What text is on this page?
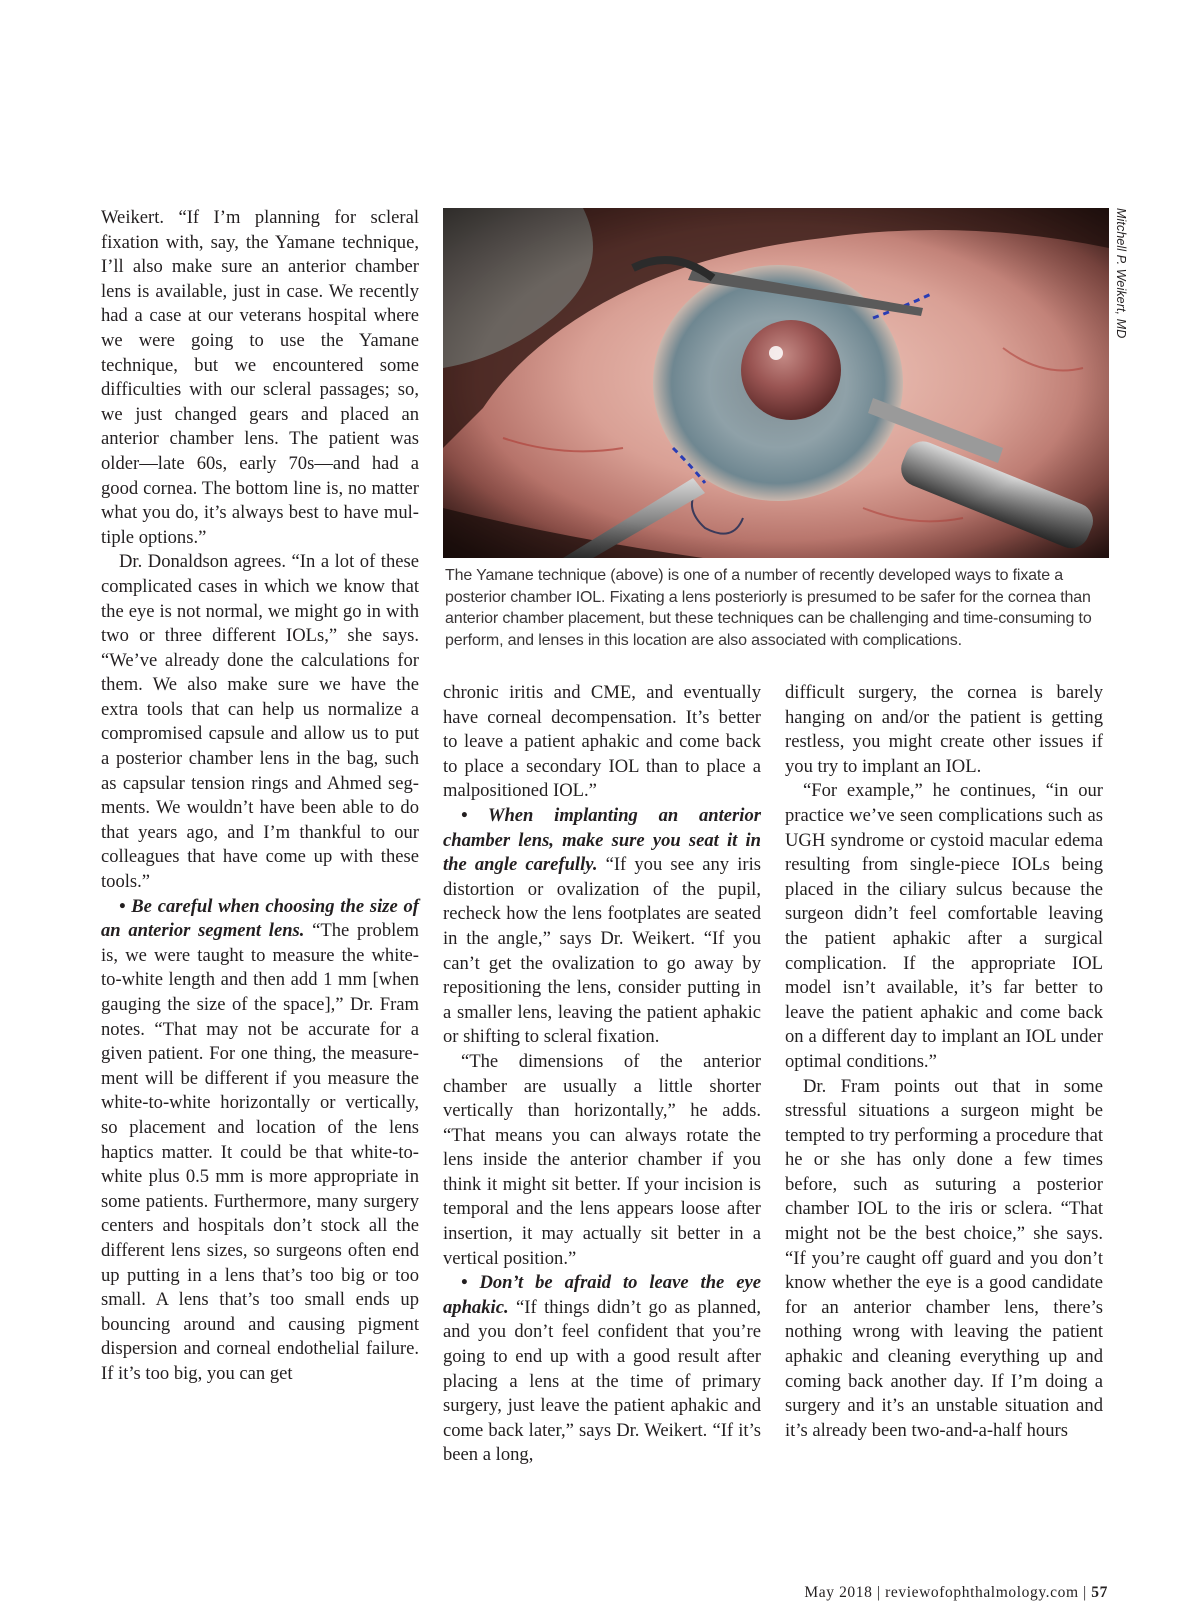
Weikert. “If I’m planning for scleral fixation with, say, the Yamane technique, I’ll also make sure an anterior chamber lens is available, just in case. We recently had a case at our veterans hospital where we were going to use the Yamane technique, but we encountered some difficulties with our scleral passages; so, we just changed gears and placed an anterior chamber lens. The patient was older—late 60s, early 70s—and had a good cornea. The bottom line is, no matter what you do, it’s always best to have multiple options.”

Dr. Donaldson agrees. “In a lot of these complicated cases in which we know that the eye is not normal, we might go in with two or three different IOLs,” she says. “We’ve already done the calculations for them. We also make sure we have the extra tools that can help us normalize a compromised capsule and allow us to put a posterior chamber lens in the bag, such as capsular tension rings and Ahmed segments. We wouldn’t have been able to do that years ago, and I’m thankful to our colleagues that have come up with these tools.”

• Be careful when choosing the size of an anterior segment lens. “The problem is, we were taught to measure the white-to-white length and then add 1 mm [when gauging the size of the space],” Dr. Fram notes. “That may not be accurate for a given patient. For one thing, the measurement will be different if you measure the white-to-white horizontally or vertically, so placement and location of the lens haptics matter. It could be that white-to-white plus 0.5 mm is more appropriate in some patients. Furthermore, many surgery centers and hospitals don’t stock all the different lens sizes, so surgeons often end up putting in a lens that’s too big or too small. A lens that’s too small ends up bouncing around and causing pigment dispersion and corneal endothelial failure. If it’s too big, you can get

Mitchell P. Weikert, MD
The Yamane technique (above) is one of a number of recently developed ways to fixate a posterior chamber IOL. Fixating a lens posteriorly is presumed to be safer for the cornea than anterior chamber placement, but these techniques can be challenging and time-consuming to perform, and lenses in this location are also associated with complications.

chronic iritis and CME, and eventually have corneal decompensation. It’s better to leave a patient aphakic and come back to place a secondary IOL than to place a malpositioned IOL.”

• When implanting an anterior chamber lens, make sure you seat it in the angle carefully. “If you see any iris distortion or ovalization of the pupil, recheck how the lens footplates are seated in the angle,” says Dr. Weikert. “If you can’t get the ovalization to go away by repositioning the lens, consider putting in a smaller lens, leaving the patient aphakic or shifting to scleral fixation.

“The dimensions of the anterior chamber are usually a little shorter vertically than horizontally,” he adds. “That means you can always rotate the lens inside the anterior chamber if you think it might sit better. If your incision is temporal and the lens appears loose after insertion, it may actually sit better in a vertical position.”

• Don’t be afraid to leave the eye aphakic. “If things didn’t go as planned, and you don’t feel confident that you’re going to end up with a good result after placing a lens at the time of primary surgery, just leave the patient aphakic and come back later,” says Dr. Weikert. “If it’s been a long,

difficult surgery, the cornea is barely hanging on and/or the patient is getting restless, you might create other issues if you try to implant an IOL.

“For example,” he continues, “in our practice we’ve seen complications such as UGH syndrome or cystoid macular edema resulting from single-piece IOLs being placed in the ciliary sulcus because the surgeon didn’t feel comfortable leaving the patient aphakic after a surgical complication. If the appropriate IOL model isn’t available, it’s far better to leave the patient aphakic and come back on a different day to implant an IOL under optimal conditions.”

Dr. Fram points out that in some stressful situations a surgeon might be tempted to try performing a procedure that he or she has only done a few times before, such as suturing a posterior chamber IOL to the iris or sclera. “That might not be the best choice,” she says. “If you’re caught off guard and you don’t know whether the eye is a good candidate for an anterior chamber lens, there’s nothing wrong with leaving the patient aphakic and cleaning everything up and coming back another day. If I’m doing a surgery and it’s an unstable situation and it’s already been two-and-a-half hours

May 2018 | reviewofophthalmology.com | 57
